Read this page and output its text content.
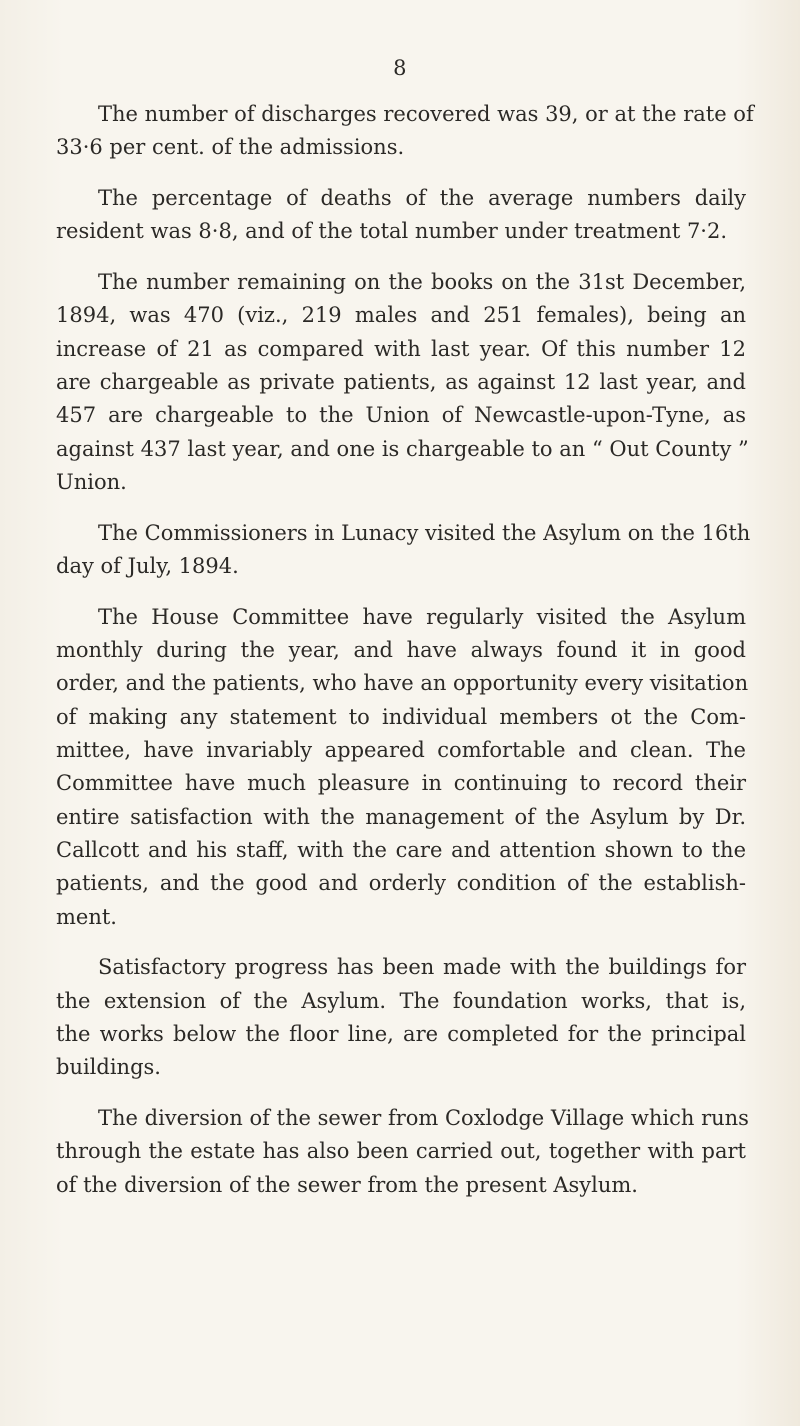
8
The number of discharges recovered was 39, or at the rate of
33·6 per cent. of the admissions.
The percentage of deaths of the average numbers daily
resident was 8·8, and of the total number under treatment 7·2.
The number remaining on the books on the 31st December,
1894, was 470 (viz., 219 males and 251 females), being an
increase of 21 as compared with last year. Of this number 12
are chargeable as private patients, as against 12 last year, and
457 are chargeable to the Union of Newcastle-upon-Tyne, as
against 437 last year, and one is chargeable to an “ Out County ”
Union.
The Commissioners in Lunacy visited the Asylum on the 16th
day of July, 1894.
The House Committee have regularly visited the Asylum
monthly during the year, and have always found it in good
order, and the patients, who have an opportunity every visitation
of making any statement to individual members ot the Com-
mittee, have invariably appeared comfortable and clean. The
Committee have much pleasure in continuing to record their
entire satisfaction with the management of the Asylum by Dr.
Callcott and his staff, with the care and attention shown to the
patients, and the good and orderly condition of the establish-
ment.
Satisfactory progress has been made with the buildings for
the extension of the Asylum. The foundation works, that is,
the works below the floor line, are completed for the principal
buildings.
The diversion of the sewer from Coxlodge Village which runs
through the estate has also been carried out, together with part
of the diversion of the sewer from the present Asylum.
